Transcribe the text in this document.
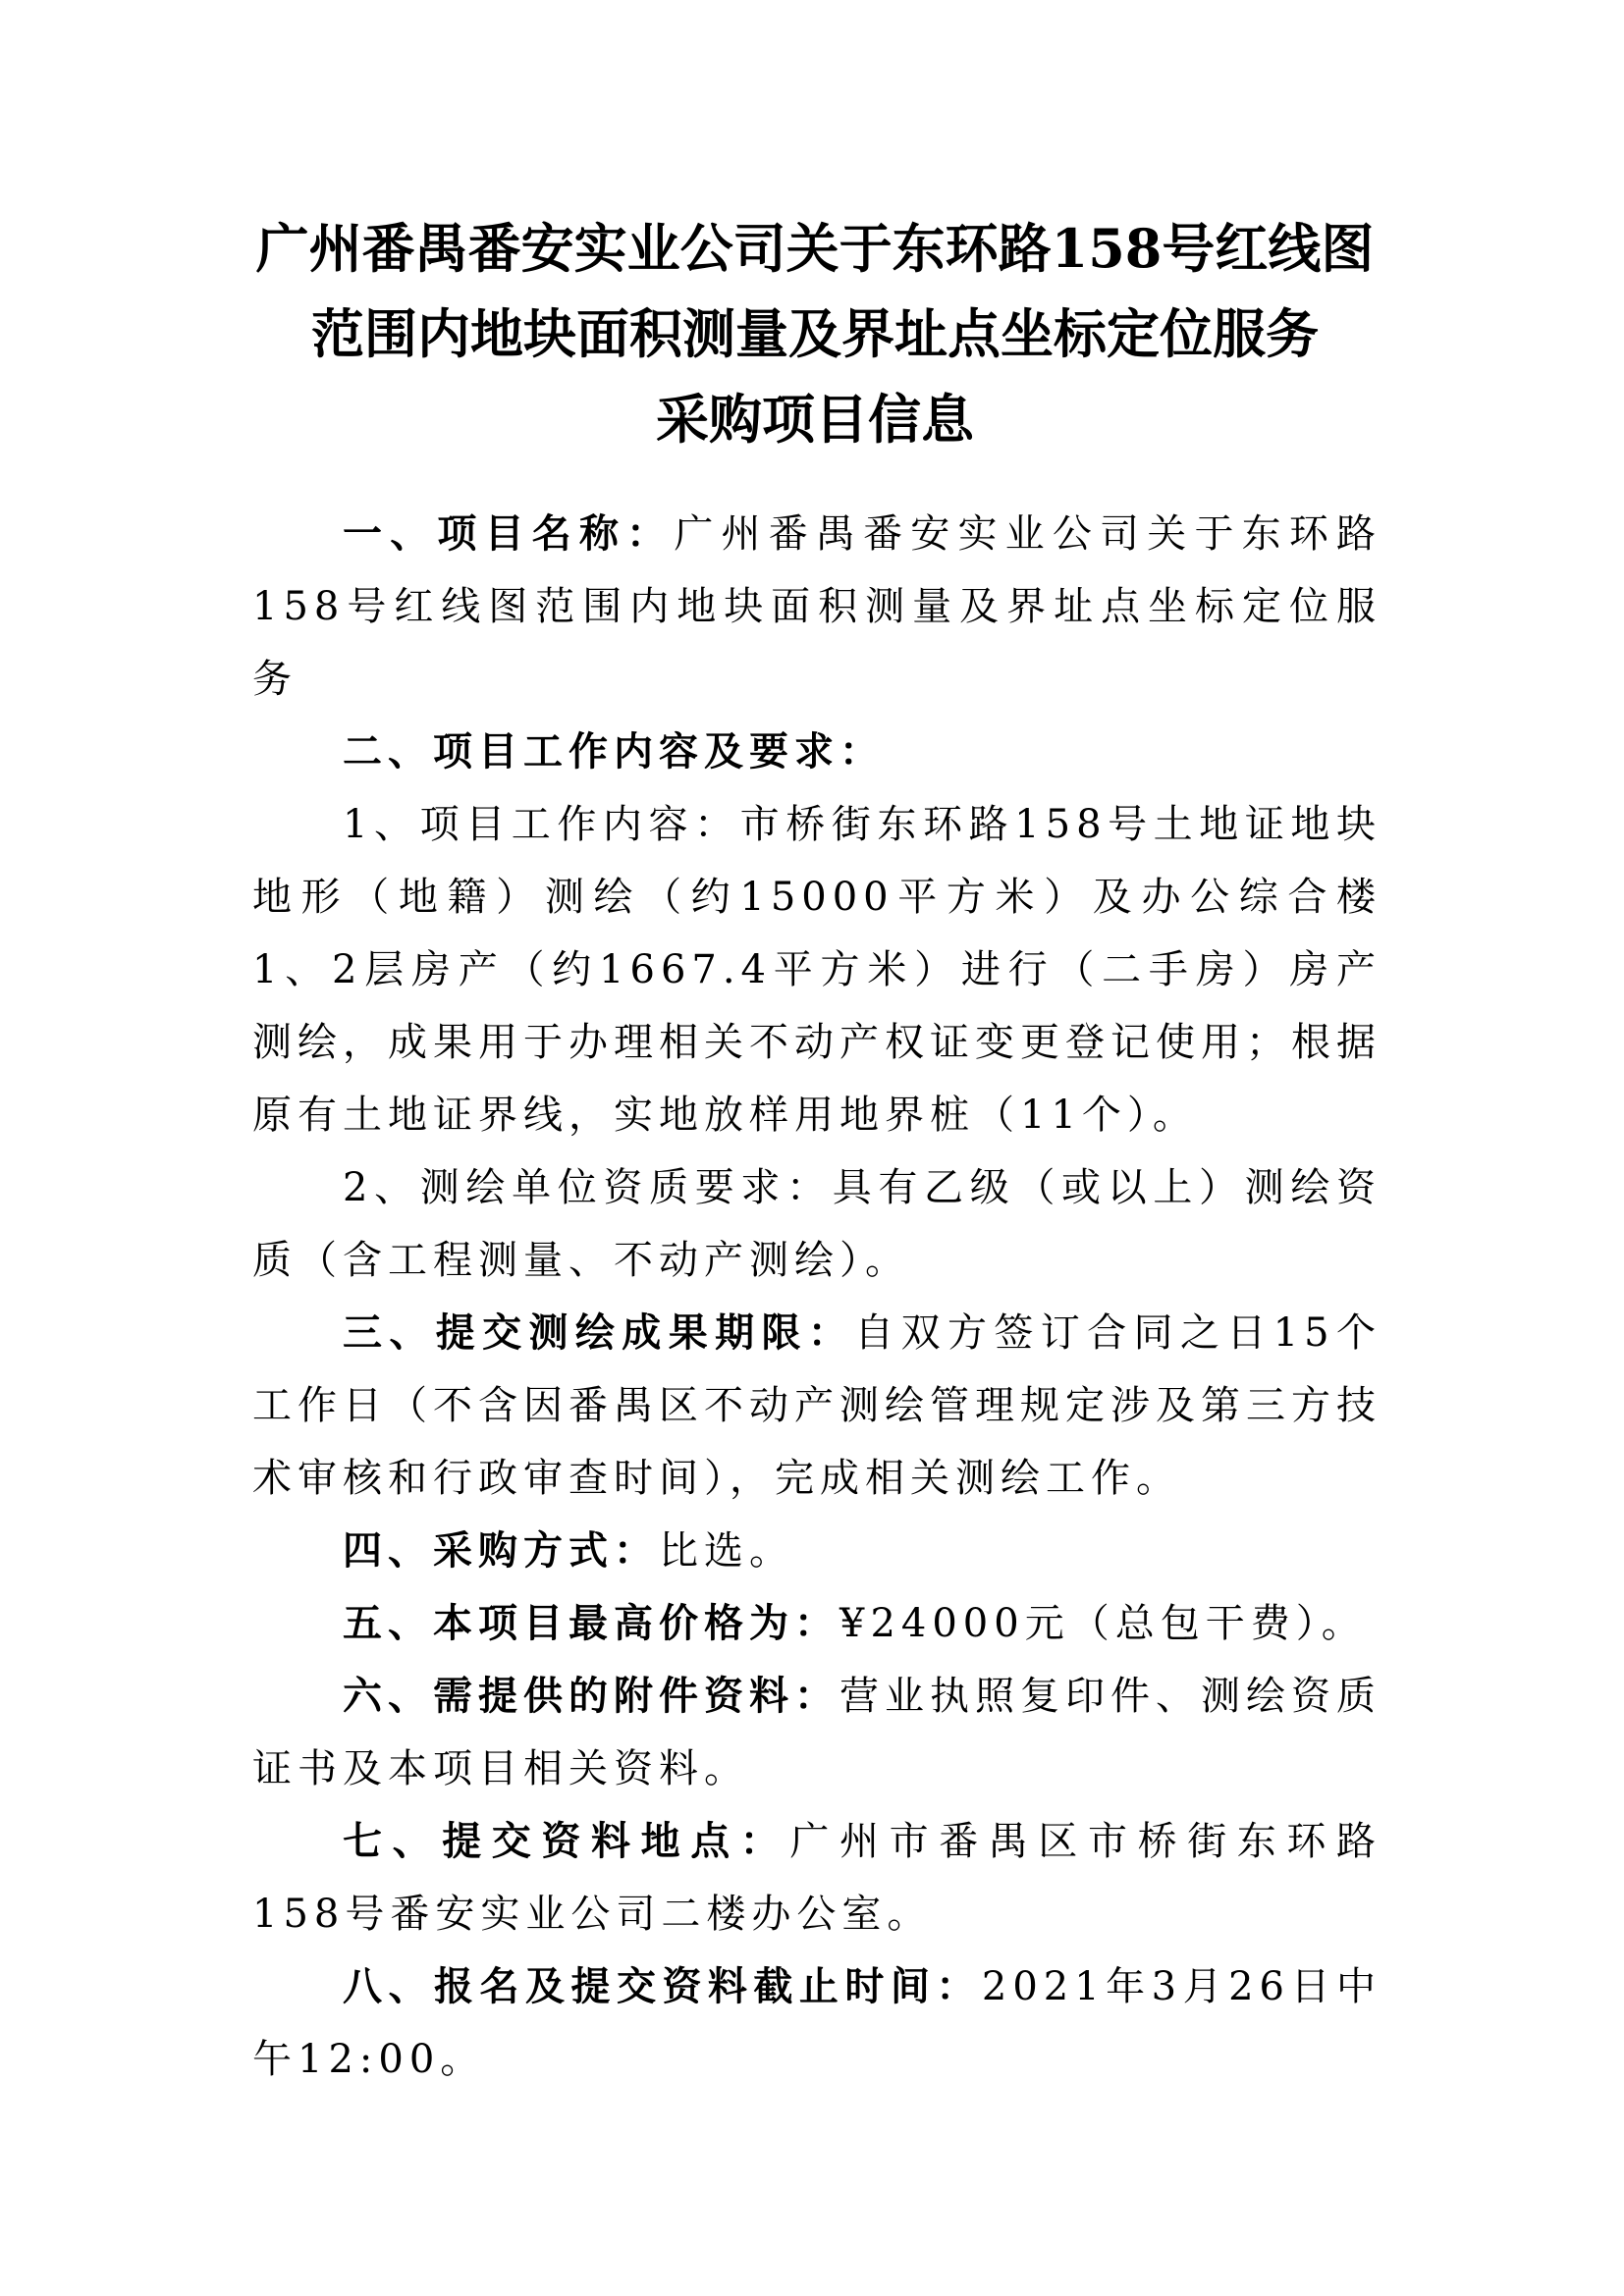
广州番禺番安实业公司关于东环路158号红线图
范围内地块面积测量及界址点坐标定位服务
采购项目信息

一、项目名称：广州番禺番安实业公司关于东环路158号红线图范围内地块面积测量及界址点坐标定位服务

二、项目工作内容及要求：

1、项目工作内容：市桥街东环路158号土地证地块地形（地籍）测绘（约15000平方米）及办公综合楼1、2层房产（约1667.4平方米）进行（二手房）房产测绘，成果用于办理相关不动产权证变更登记使用；根据原有土地证界线，实地放样用地界桩（11个）。

2、测绘单位资质要求：具有乙级（或以上）测绘资质（含工程测量、不动产测绘）。

三、提交测绘成果期限：自双方签订合同之日15个工作日（不含因番禺区不动产测绘管理规定涉及第三方技术审核和行政审查时间），完成相关测绘工作。

四、采购方式：比选。

五、本项目最高价格为：¥24000元（总包干费）。

六、需提供的附件资料：营业执照复印件、测绘资质证书及本项目相关资料。

七、提交资料地点：广州市番禺区市桥街东环路158号番安实业公司二楼办公室。

八、报名及提交资料截止时间：2021年3月26日中午12:00。
